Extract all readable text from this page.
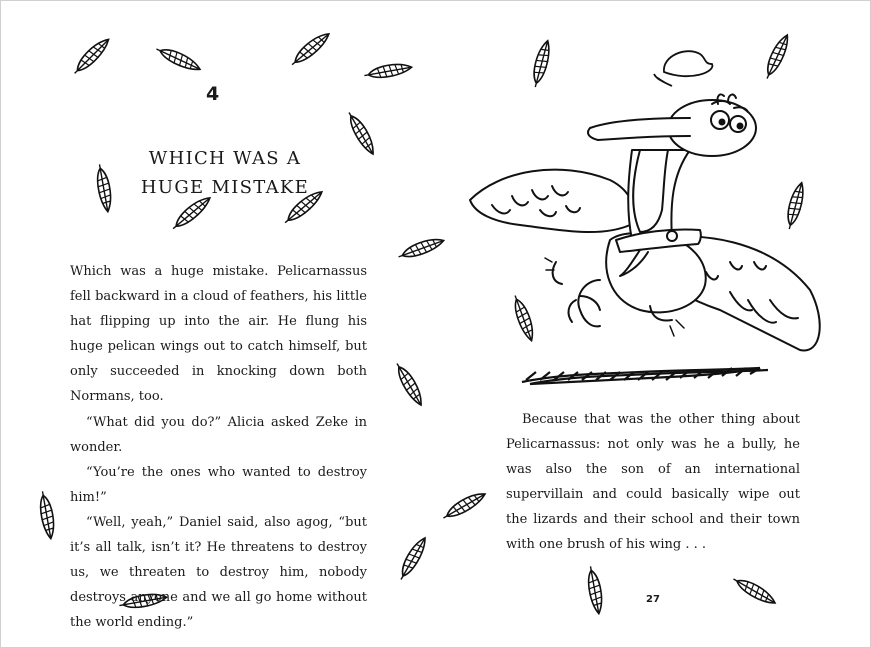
4
WHICH WAS A
HUGE MISTAKE

Which was a huge mistake. Pelicarnassus fell backward in a cloud of feathers, his little hat flipping up into the air. He flung his huge pelican wings out to catch himself, but only succeeded in knocking down both Normans, too.

“What did you do?” Alicia asked Zeke in wonder.

“You’re the ones who wanted to destroy him!”

“Well, yeah,” Daniel said, also agog, “but it’s all talk, isn’t it? He threatens to destroy us, we threaten to destroy him, nobody destroys anyone and we all go home without the world ending.”

Because that was the other thing about Pelicarnassus: not only was he a bully, he was also the son of an international supervillain and could basically wipe out the lizards and their school and their town with one brush of his wing . . .

27
